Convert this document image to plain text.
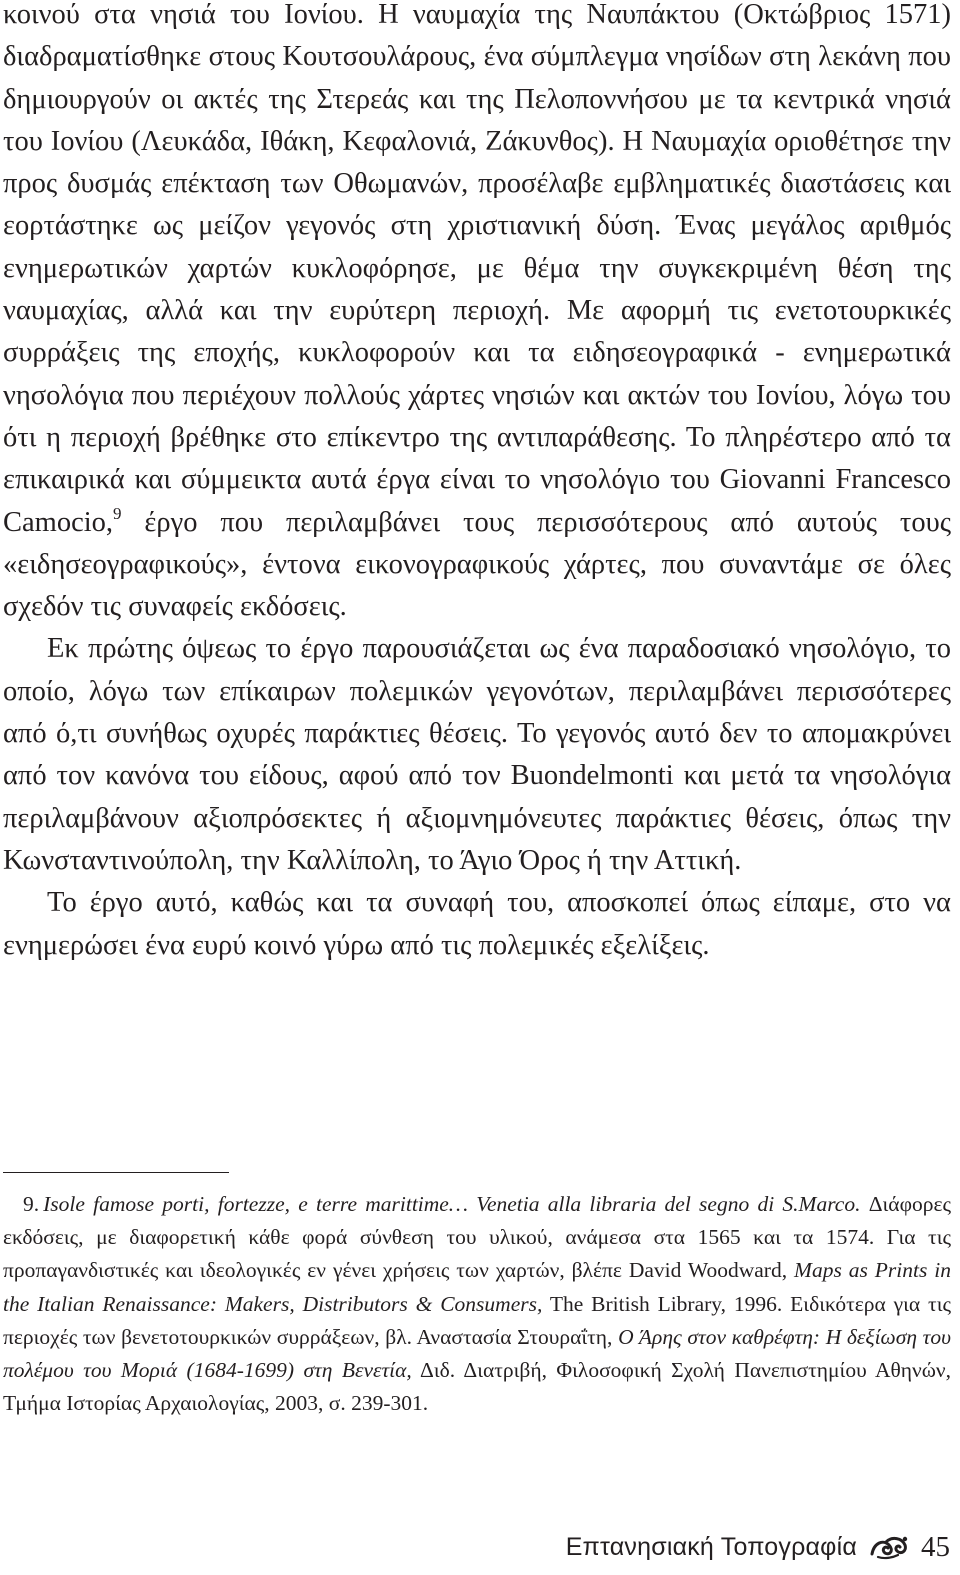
κοινού στα νησιά του Ιονίου. Η ναυμαχία της Ναυπάκτου (Οκτώβριος 1571) διαδραματίσθηκε στους Κουτσουλάρους, ένα σύμπλεγμα νησίδων στη λεκάνη που δημιουργούν οι ακτές της Στερεάς και της Πελοποννήσου με τα κεντρικά νησιά του Ιονίου (Λευκάδα, Ιθάκη, Κεφαλονιά, Ζάκυνθος). Η Ναυμαχία οριοθέτησε την προς δυσμάς επέκταση των Οθωμανών, προσέλαβε εμβληματικές διαστάσεις και εορτάστηκε ως μείζον γεγονός στη χριστιανική δύση. Ένας μεγάλος αριθμός ενημερωτικών χαρτών κυκλοφόρησε, με θέμα την συγκεκριμένη θέση της ναυμαχίας, αλλά και την ευρύτερη περιοχή. Με αφορμή τις ενετοτουρκικές συρράξεις της εποχής, κυκλοφορούν και τα ειδησεογραφικά - ενημερωτικά νησολόγια που περιέχουν πολλούς χάρτες νησιών και ακτών του Ιονίου, λόγω του ότι η περιοχή βρέθηκε στο επίκεντρο της αντιπαράθεσης. Το πληρέστερο από τα επικαιρικά και σύμμεικτα αυτά έργα είναι το νησολόγιο του Giovanni Francesco Camocio,$^9$ έργο που περιλαμβάνει τους περισσότερους από αυτούς τους «ειδησεογραφικούς», έντονα εικονογραφικούς χάρτες, που συναντάμε σε όλες σχεδόν τις συναφείς εκδόσεις.

Εκ πρώτης όψεως το έργο παρουσιάζεται ως ένα παραδοσιακό νησολόγιο, το οποίο, λόγω των επίκαιρων πολεμικών γεγονότων, περιλαμβάνει περισσότερες από ό,τι συνήθως οχυρές παράκτιες θέσεις. Το γεγονός αυτό δεν το απομακρύνει από τον κανόνα του είδους, αφού από τον Buondelmonti και μετά τα νησολόγια περιλαμβάνουν αξιοπρόσεκτες ή αξιομνημόνευτες παράκτιες θέσεις, όπως την Κωνσταντινούπολη, την Καλλίπολη, το Άγιο Όρος ή την Αττική.

Το έργο αυτό, καθώς και τα συναφή του, αποσκοπεί όπως είπαμε, στο να ενημερώσει ένα ευρύ κοινό γύρω από τις πολεμικές εξελίξεις.

9. Isole famose porti, fortezze, e terre marittime… Venetia alla libraria del segno di S.Marco. Διάφορες εκδόσεις, με διαφορετική κάθε φορά σύνθεση του υλικού, ανάμεσα στα 1565 και τα 1574. Για τις προπαγανδιστικές και ιδεολογικές εν γένει χρήσεις των χαρτών, βλέπε David Woodward, Maps as Prints in the Italian Renaissance: Makers, Distributors & Consumers, The British Library, 1996. Ειδικότερα για τις περιοχές των βενετοτουρκικών συρράξεων, βλ. Αναστασία Στουραΐτη, Ο Άρης στον καθρέφτη: Η δεξίωση του πολέμου του Μοριά (1684-1699) στη Βενετία, Διδ. Διατριβή, Φιλοσοφική Σχολή Πανεπιστημίου Αθηνών, Τμήμα Ιστορίας Αρχαιολογίας, 2003, σ. 239-301.
Επτανησιακή Τοπογραφία 45
